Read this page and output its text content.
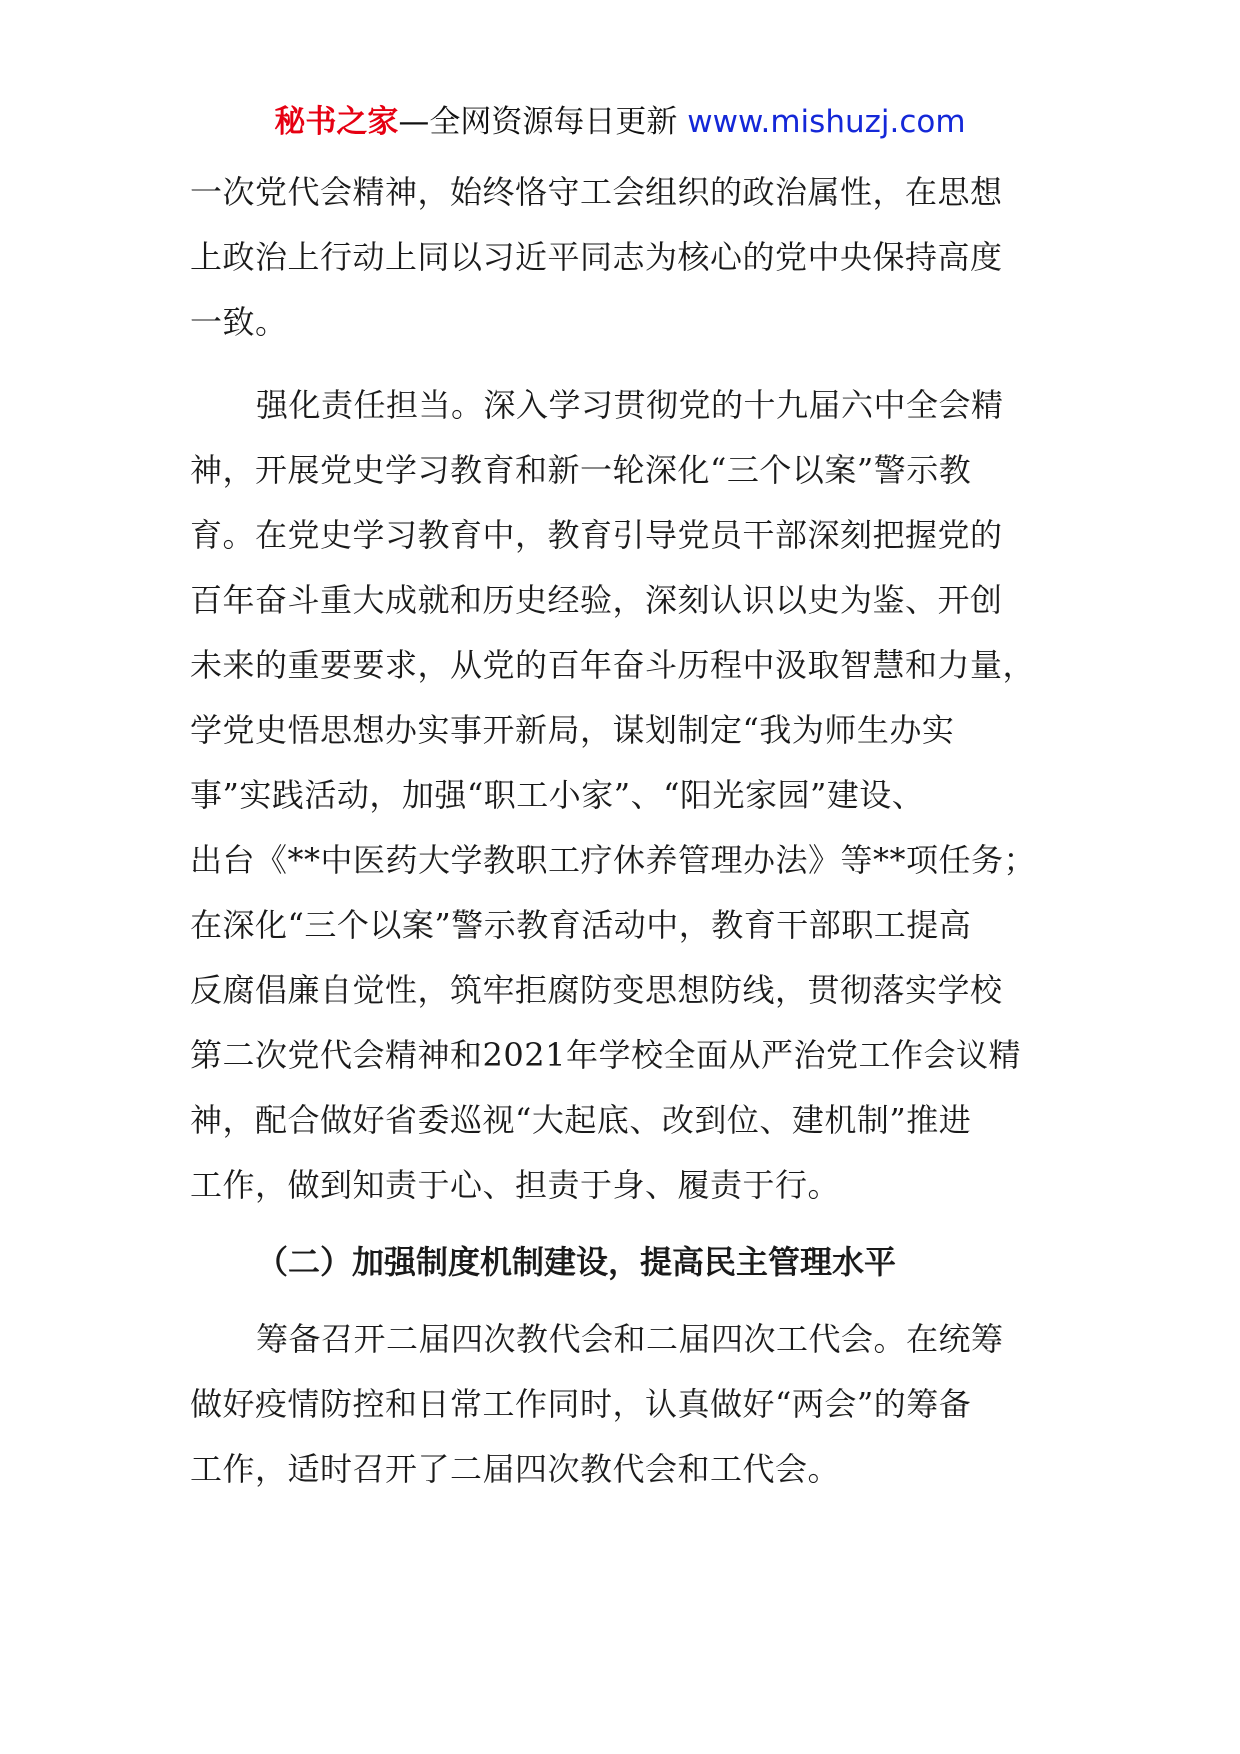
秘书之家—全网资源每日更新 www.mishuzj.com
一次党代会精神，始终恪守工会组织的政治属性，在思想
上政治上行动上同以习近平同志为核心的党中央保持高度
一致。
强化责任担当。深入学习贯彻党的十九届六中全会精
神，开展党史学习教育和新一轮深化“三个以案”警示教
育。在党史学习教育中，教育引导党员干部深刻把握党的
百年奋斗重大成就和历史经验，深刻认识以史为鉴、开创
未来的重要要求，从党的百年奋斗历程中汲取智慧和力量，
学党史悟思想办实事开新局，谋划制定“我为师生办实
事”实践活动，加强“职工小家”、“阳光家园”建设、
出台《**中医药大学教职工疗休养管理办法》等**项任务；
在深化“三个以案”警示教育活动中，教育干部职工提高
反腐倡廉自觉性，筑牢拒腐防变思想防线，贯彻落实学校
第二次党代会精神和2021年学校全面从严治党工作会议精
神，配合做好省委巡视“大起底、改到位、建机制”推进
工作，做到知责于心、担责于身、履责于行。
（二）加强制度机制建设，提高民主管理水平
筹备召开二届四次教代会和二届四次工代会。在统筹
做好疫情防控和日常工作同时，认真做好“两会”的筹备
工作，适时召开了二届四次教代会和工代会。
